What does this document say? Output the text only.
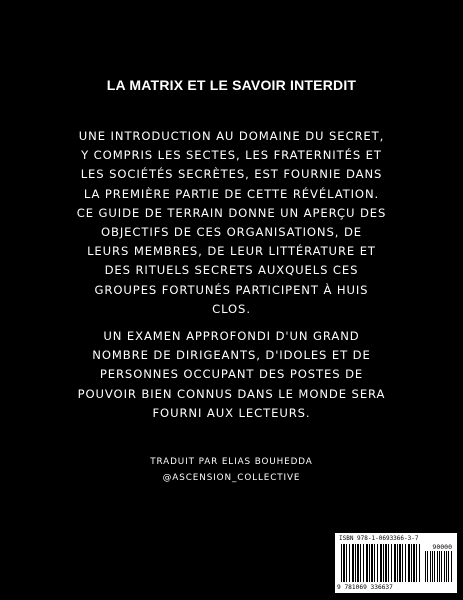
LA MATRIX ET LE SAVOIR INTERDIT
UNE INTRODUCTION AU DOMAINE DU SECRET,
Y COMPRIS LES SECTES, LES FRATERNITÉS ET
LES SOCIÉTÉS SECRÈTES, EST FOURNIE DANS
LA PREMIÈRE PARTIE DE CETTE RÉVÉLATION.
CE GUIDE DE TERRAIN DONNE UN APERÇU DES
OBJECTIFS DE CES ORGANISATIONS, DE
LEURS MEMBRES, DE LEUR LITTÉRATURE ET
DES RITUELS SECRETS AUXQUELS CES
GROUPES FORTUNÉS PARTICIPENT À HUIS
CLOS.
UN EXAMEN APPROFONDI D'UN GRAND
NOMBRE DE DIRIGEANTS, D'IDOLES ET DE
PERSONNES OCCUPANT DES POSTES DE
POUVOIR BIEN CONNUS DANS LE MONDE SERA
FOURNI AUX LECTEURS.
TRADUIT PAR ELIAS BOUHEDDA
@ASCENSION_COLLECTIVE
ISBN 978-1-0693366-3-7
90000
9 781069 336637
